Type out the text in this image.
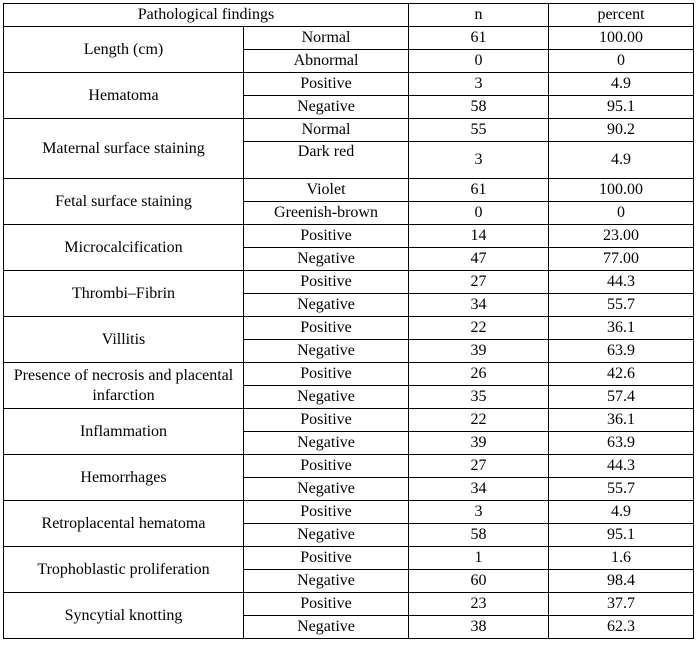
Pathological findings		n	percent
Length (cm)	Normal	61	100.00
	Abnormal	0	0
Hematoma	Positive	3	4.9
	Negative	58	95.1
Maternal surface staining	Normal	55	90.2
	Dark red	3	4.9
Fetal surface staining	Violet	61	100.00
	Greenish-brown	0	0
Microcalcification	Positive	14	23.00
	Negative	47	77.00
Thrombi–Fibrin	Positive	27	44.3
	Negative	34	55.7
Villitis	Positive	22	36.1
	Negative	39	63.9
Presence of necrosis and placental infarction	Positive	26	42.6
	Negative	35	57.4
Inflammation	Positive	22	36.1
	Negative	39	63.9
Hemorrhages	Positive	27	44.3
	Negative	34	55.7
Retroplacental hematoma	Positive	3	4.9
	Negative	58	95.1
Trophoblastic proliferation	Positive	1	1.6
	Negative	60	98.4
Syncytial knotting	Positive	23	37.7
	Negative	38	62.3
